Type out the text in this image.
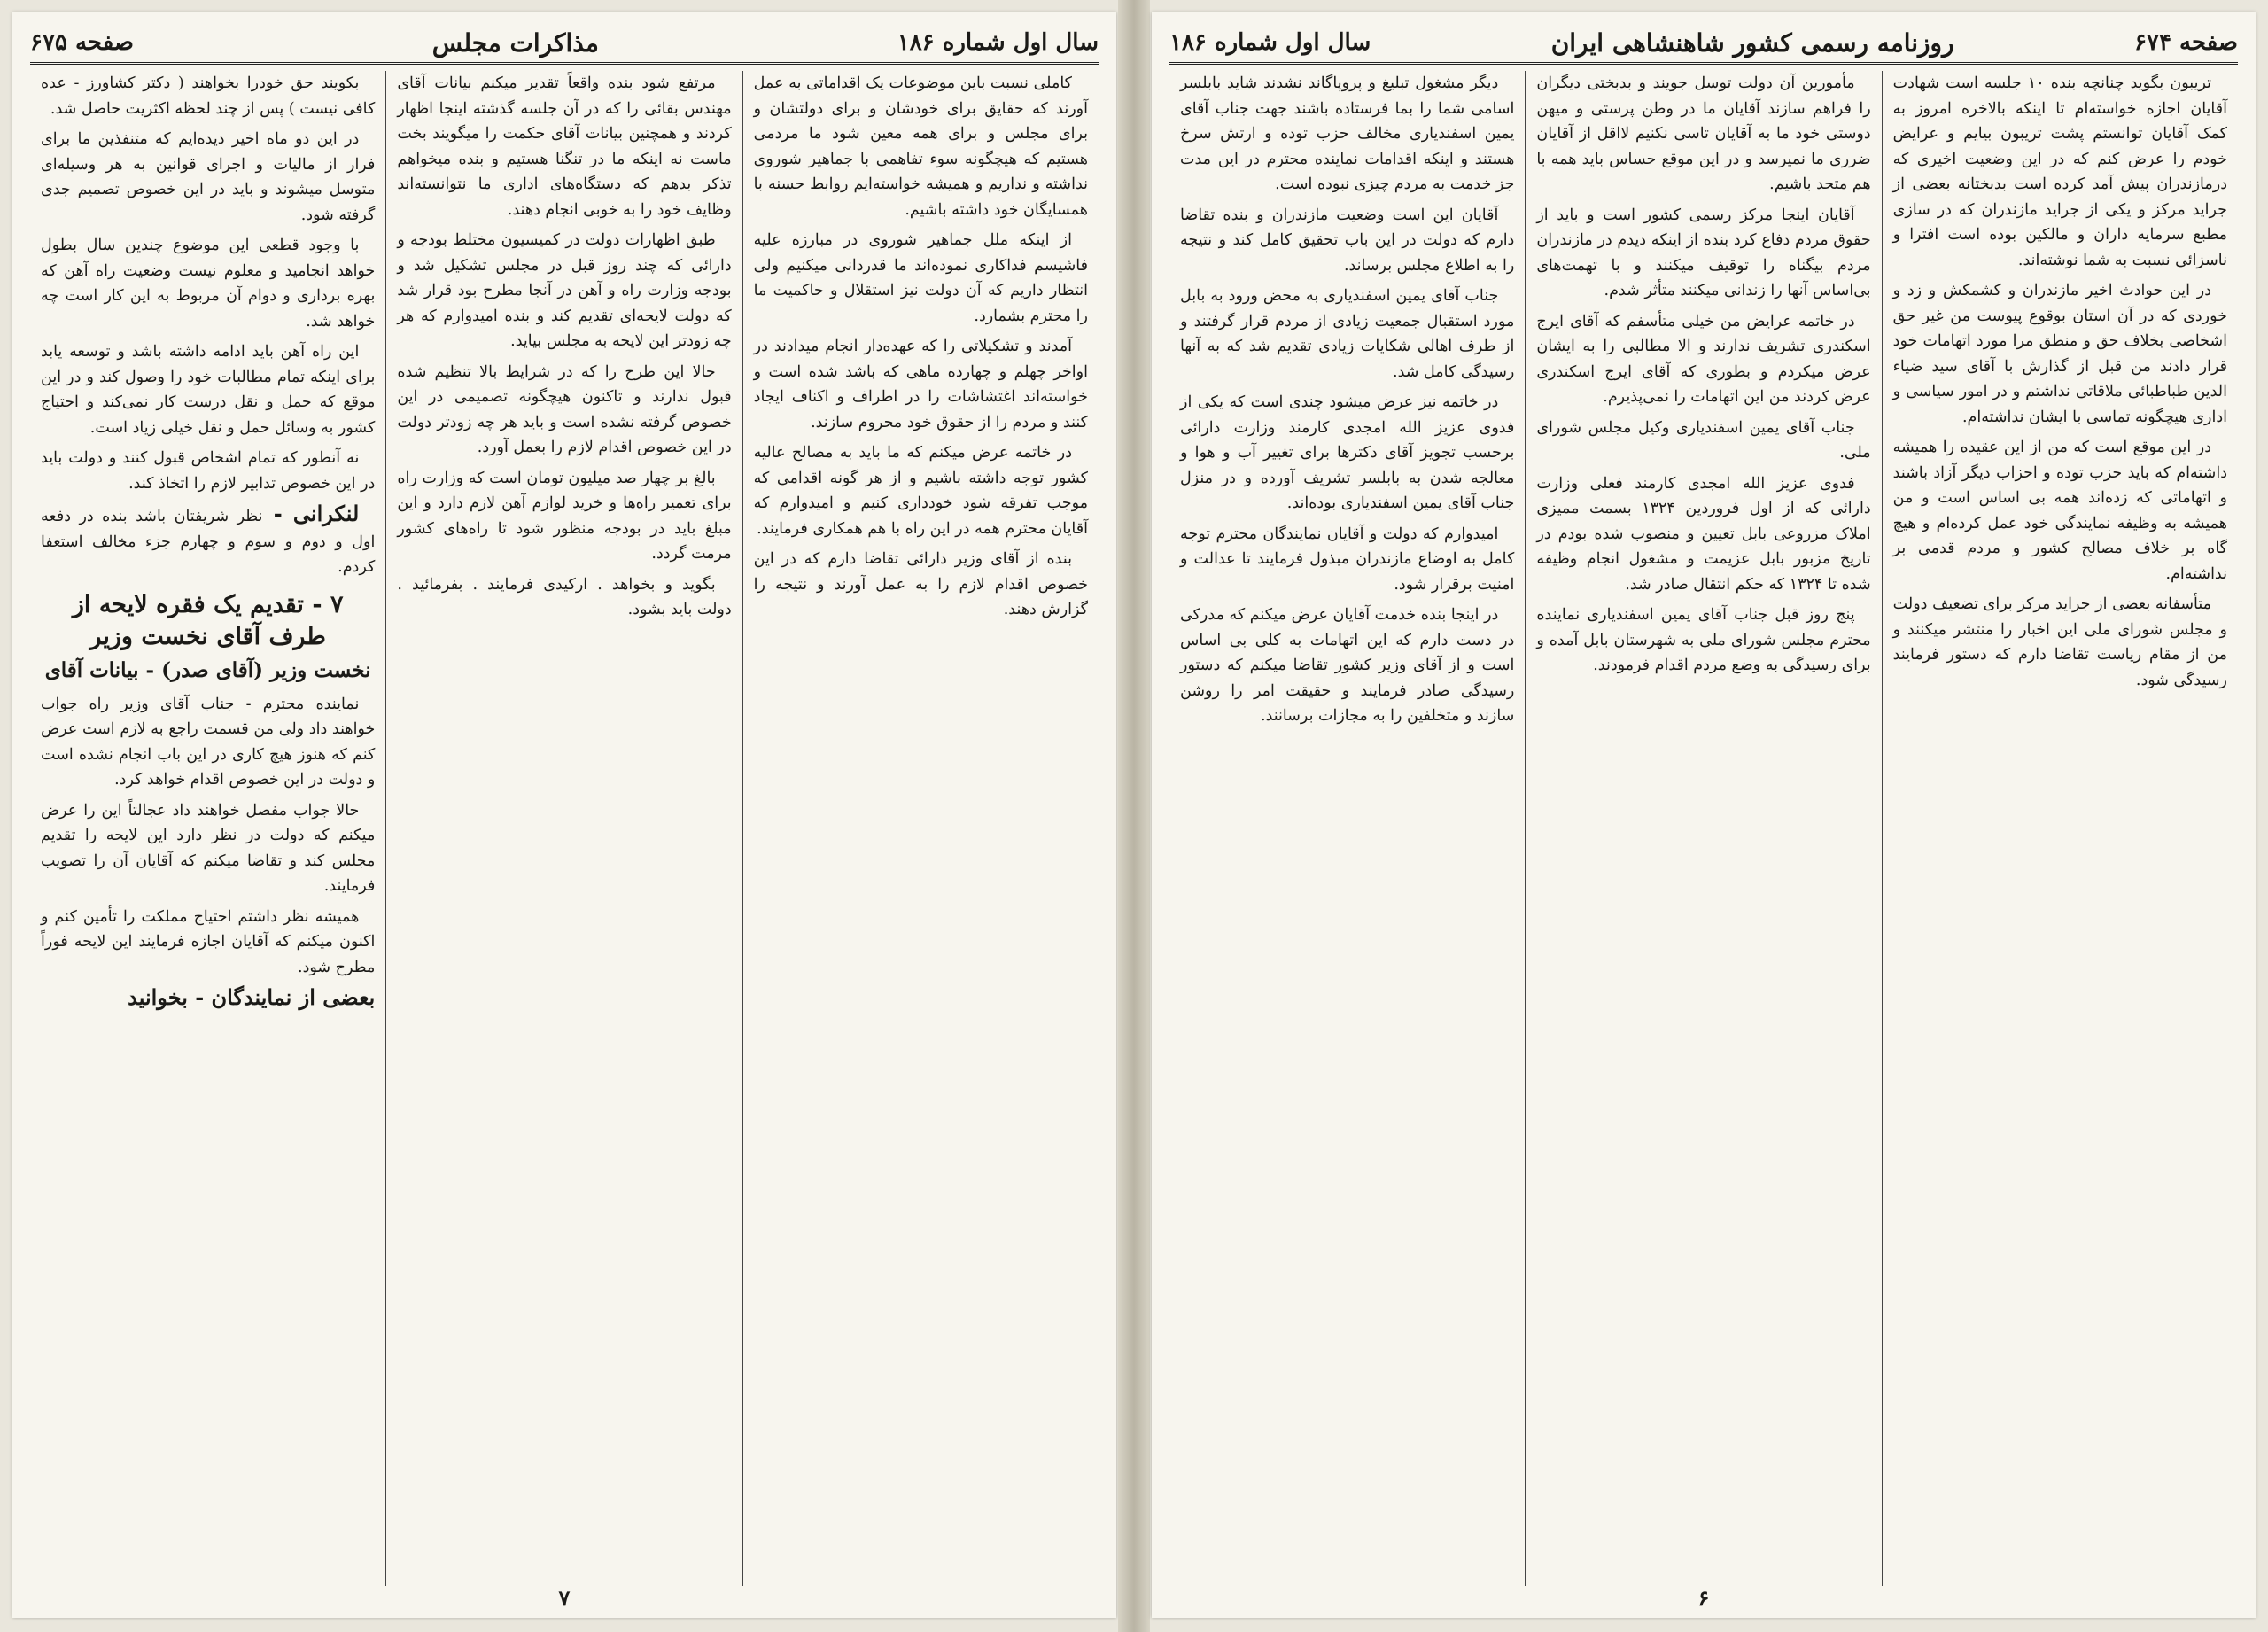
سال اول شماره ۱۸۶
مذاکرات مجلس
صفحه ۶۷۵

کاملی نسبت باین موضوعات یک اقداماتی به عمل آورند که حقایق برای خودشان و برای دولتشان و برای مجلس و برای همه معین شود ما مردمی هستیم که هیچگونه سوء تفاهمی با جماهیر شوروی نداشته و نداریم و همیشه خواسته‌ایم روابط حسنه با همسایگان خود داشته باشیم.

از اینکه ملل جماهیر شوروی در مبارزه علیه فاشیسم فداکاری نموده‌اند ما قدردانی میکنیم ولی انتظار داریم که آن دولت نیز استقلال و حاکمیت ما را محترم بشمارد.

آمدند و تشکیلاتی را که عهده‌دار انجام میدادند در اواخر چهلم و چهارده ماهی که باشد شده است و خواسته‌اند اغتشاشات را در اطراف و اکناف ایجاد کنند و مردم را از حقوق خود محروم سازند.

در خاتمه عرض میکنم که ما باید به مصالح عالیه کشور توجه داشته باشیم و از هر گونه اقدامی که موجب تفرقه شود خودداری کنیم و امیدوارم که آقایان محترم همه در این راه با هم همکاری فرمایند.

بنده از آقای وزیر دارائی تقاضا دارم که در این خصوص اقدام لازم را به عمل آورند و نتیجه را گزارش دهند.

مرتفع شود بنده واقعاً تقدیر میکنم بیانات آقای مهندس بقائی را که در آن جلسه گذشته اینجا اظهار کردند و همچنین بیانات آقای حکمت را میگویند بخت ماست نه اینکه ما در تنگنا هستیم و بنده میخواهم تذکر بدهم که دستگاه‌های اداری ما نتوانسته‌اند وظایف خود را به خوبی انجام دهند.

طبق اظهارات دولت در کمیسیون مختلط بودجه و دارائی که چند روز قبل در مجلس تشکیل شد و بودجه وزارت راه و آهن در آنجا مطرح بود قرار شد که دولت لایحه‌ای تقدیم کند و بنده امیدوارم که هر چه زودتر این لایحه به مجلس بیاید.

حالا این طرح را که در شرایط بالا تنظیم شده قبول ندارند و تاکنون هیچگونه تصمیمی در این خصوص گرفته نشده است و باید هر چه زودتر دولت در این خصوص اقدام لازم را بعمل آورد.

بالغ بر چهار صد میلیون تومان است که وزارت راه برای تعمیر راه‌ها و خرید لوازم آهن لازم دارد و این مبلغ باید در بودجه منظور شود تا راه‌های کشور مرمت گردد.

بگوید و بخواهد . ارکیدی فرمایند . بفرمائید . دولت باید بشود.

بکویند حق خودرا بخواهند ( دکتر کشاورز - عده کافی نیست ) پس از چند لحظه اکثریت حاصل شد.

در این دو ماه اخیر دیده‌ایم که متنفذین ما برای فرار از مالیات و اجرای قوانین به هر وسیله‌ای متوسل میشوند و باید در این خصوص تصمیم جدی گرفته شود.

با وجود قطعی این موضوع چندین سال بطول خواهد انجامید و معلوم نیست وضعیت راه آهن که بهره برداری و دوام آن مربوط به این کار است چه خواهد شد.

این راه آهن باید ادامه داشته باشد و توسعه یابد برای اینکه تمام مطالبات خود را وصول کند و در این موقع که حمل و نقل درست کار نمی‌کند و احتیاج کشور به وسائل حمل و نقل خیلی زیاد است.

نه آنطور که تمام اشخاص قبول کنند و دولت باید در این خصوص تدابیر لازم را اتخاذ کند.

لنکرانی - نظر شریفتان باشد بنده در دفعه اول و دوم و سوم و چهارم جزء مخالف استعفا کردم.

۷ - تقدیم یک فقره لایحه از طرف آقای نخست وزیر
نخست وزیر (آقای صدر) - بیانات آقای

نماینده محترم - جناب آقای وزیر راه جواب خواهند داد ولی من قسمت راجع به لازم است عرض کنم که هنوز هیچ کاری در این باب انجام نشده است و دولت در این خصوص اقدام خواهد کرد.

حالا جواب مفصل خواهند داد عجالتاً این را عرض میکنم که دولت در نظر دارد این لایحه را تقدیم مجلس کند و تقاضا میکنم که آقایان آن را تصویب فرمایند.

همیشه نظر داشتم احتیاج مملکت را تأمین کنم و اکنون میکنم که آقایان اجازه فرمایند این لایحه فوراً مطرح شود.

بعضی از نمایندگان - بخوانید
۷
صفحه ۶۷۴
روزنامه رسمی کشور شاهنشاهی ایران
سال اول شماره ۱۸۶

تریبون بگوید چنانچه بنده ۱۰ جلسه است شهادت آقایان اجازه خواسته‌ام تا اینکه بالاخره امروز به کمک آقایان توانستم پشت تریبون بیایم و عرایض خودم را عرض کنم که در این وضعیت اخیری که درمازندران پیش آمد کرده است بدبختانه بعضی از جراید مرکز و یکی از جراید مازندران که در سازی مطبع سرمایه داران و مالکین بوده است افترا و ناسزائی نسبت به شما نوشته‌اند.

در این حوادث اخیر مازندران و کشمکش و زد و خوردی که در آن استان بوقوع پیوست من غیر حق اشخاصی بخلاف حق و منطق مرا مورد اتهامات خود قرار دادند من قبل از گذارش با آقای سید ضیاء الدین طباطبائی ملاقاتی نداشتم و در امور سیاسی و اداری هیچگونه تماسی با ایشان نداشته‌ام.

در این موقع است که من از این عقیده را همیشه داشته‌ام که باید حزب توده و احزاب دیگر آزاد باشند و اتهاماتی که زده‌اند همه بی اساس است و من همیشه به وظیفه نمایندگی خود عمل کرده‌ام و هیچ گاه بر خلاف مصالح کشور و مردم قدمی بر نداشته‌ام.

متأسفانه بعضی از جراید مرکز برای تضعیف دولت و مجلس شورای ملی این اخبار را منتشر میکنند و من از مقام ریاست تقاضا دارم که دستور فرمایند رسیدگی شود.

مأمورین آن دولت توسل جویند و بدبختی دیگران را فراهم سازند آقایان ما در وطن پرستی و میهن دوستی خود ما به آقایان تاسی نکنیم لااقل از آقایان ضرری ما نمیرسد و در این موقع حساس باید همه با هم متحد باشیم.

آقایان اینجا مرکز رسمی کشور است و باید از حقوق مردم دفاع کرد بنده از اینکه دیدم در مازندران مردم بیگناه را توقیف میکنند و با تهمت‌های بی‌اساس آنها را زندانی میکنند متأثر شدم.

در خاتمه عرایض من خیلی متأسفم که آقای ایرج اسکندری تشریف ندارند و الا مطالبی را به ایشان عرض میکردم و بطوری که آقای ایرج اسکندری عرض کردند من این اتهامات را نمی‌پذیرم.

جناب آقای یمین اسفندیاری وکیل مجلس شورای ملی.

فدوی عزیز الله امجدی کارمند فعلی وزارت دارائی که از اول فروردین ۱۳۲۴ بسمت ممیزی املاک مزروعی بابل تعیین و منصوب شده بودم در تاریخ مزبور بابل عزیمت و مشغول انجام وظیفه شده تا ۱۳۲۴ که حکم انتقال صادر شد.

پنج روز قبل جناب آقای یمین اسفندیاری نماینده محترم مجلس شورای ملی به شهرستان بابل آمده و برای رسیدگی به وضع مردم اقدام فرمودند.

دیگر مشغول تبلیغ و پروپاگاند نشدند شاید بابلسر اسامی شما را بما فرستاده باشند جهت جناب آقای یمین اسفندیاری مخالف حزب توده و ارتش سرخ هستند و اینکه اقدامات نماینده محترم در این مدت جز خدمت به مردم چیزی نبوده است.

آقایان این است وضعیت مازندران و بنده تقاضا دارم که دولت در این باب تحقیق کامل کند و نتیجه را به اطلاع مجلس برساند.

جناب آقای یمین اسفندیاری به محض ورود به بابل مورد استقبال جمعیت زیادی از مردم قرار گرفتند و از طرف اهالی شکایات زیادی تقدیم شد که به آنها رسیدگی کامل شد.

در خاتمه نیز عرض میشود چندی است که یکی از فدوی عزیز الله امجدی کارمند وزارت دارائی برحسب تجویز آقای دکتر‌ها برای تغییر آب و هوا و معالجه شدن به بابلسر تشریف آورده و در منزل جناب آقای یمین اسفندیاری بوده‌اند.

امیدوارم که دولت و آقایان نمایندگان محترم توجه کامل به اوضاع مازندران مبذول فرمایند تا عدالت و امنیت برقرار شود.

در اینجا بنده خدمت آقایان عرض میکنم که مدرکی در دست دارم که این اتهامات به کلی بی اساس است و از آقای وزیر کشور تقاضا میکنم که دستور رسیدگی صادر فرمایند و حقیقت امر را روشن سازند و متخلفین را به مجازات برسانند.

۶
